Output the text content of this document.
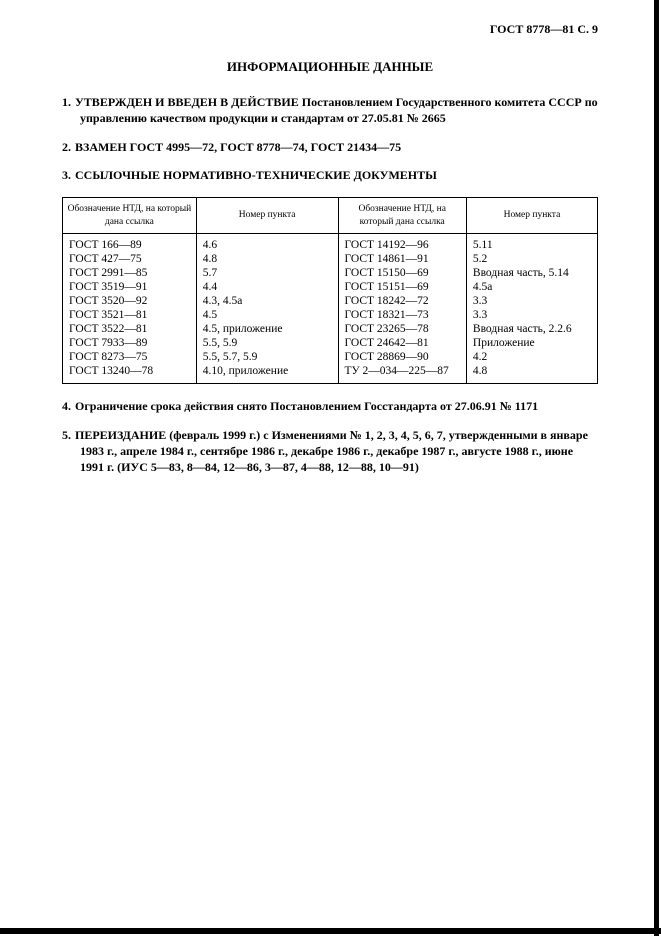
ГОСТ 8778—81 С. 9
ИНФОРМАЦИОННЫЕ ДАННЫЕ

1. УТВЕРЖДЕН И ВВЕДЕН В ДЕЙСТВИЕ Постановлением Государственного комитета СССР по управлению качеством продукции и стандартам от 27.05.81 № 2665

2. ВЗАМЕН ГОСТ 4995—72, ГОСТ 8778—74, ГОСТ 21434—75

3. ССЫЛОЧНЫЕ НОРМАТИВНО-ТЕХНИЧЕСКИЕ ДОКУМЕНТЫ

Обозначение НТД, на который дана ссылка	Номер пункта	Обозначение НТД, на который дана ссылка	Номер пункта
ГОСТ 166—89	4.6	ГОСТ 14192—96	5.11
ГОСТ 427—75	4.8	ГОСТ 14861—91	5.2
ГОСТ 2991—85	5.7	ГОСТ 15150—69	Вводная часть, 5.14
ГОСТ 3519—91	4.4	ГОСТ 15151—69	4.5а
ГОСТ 3520—92	4.3, 4.5а	ГОСТ 18242—72	3.3
ГОСТ 3521—81	4.5	ГОСТ 18321—73	3.3
ГОСТ 3522—81	4.5, приложение	ГОСТ 23265—78	Вводная часть, 2.2.6
ГОСТ 7933—89	5.5, 5.9	ГОСТ 24642—81	Приложение
ГОСТ 8273—75	5.5, 5.7, 5.9	ГОСТ 28869—90	4.2
ГОСТ 13240—78	4.10, приложение	ТУ 2—034—225—87	4.8

4. Ограничение срока действия снято Постановлением Госстандарта от 27.06.91 № 1171

5. ПЕРЕИЗДАНИЕ (февраль 1999 г.) с Изменениями № 1, 2, 3, 4, 5, 6, 7, утвержденными в январе 1983 г., апреле 1984 г., сентябре 1986 г., декабре 1986 г., декабре 1987 г., августе 1988 г., июне 1991 г. (ИУС 5—83, 8—84, 12—86, 3—87, 4—88, 12—88, 10—91)
